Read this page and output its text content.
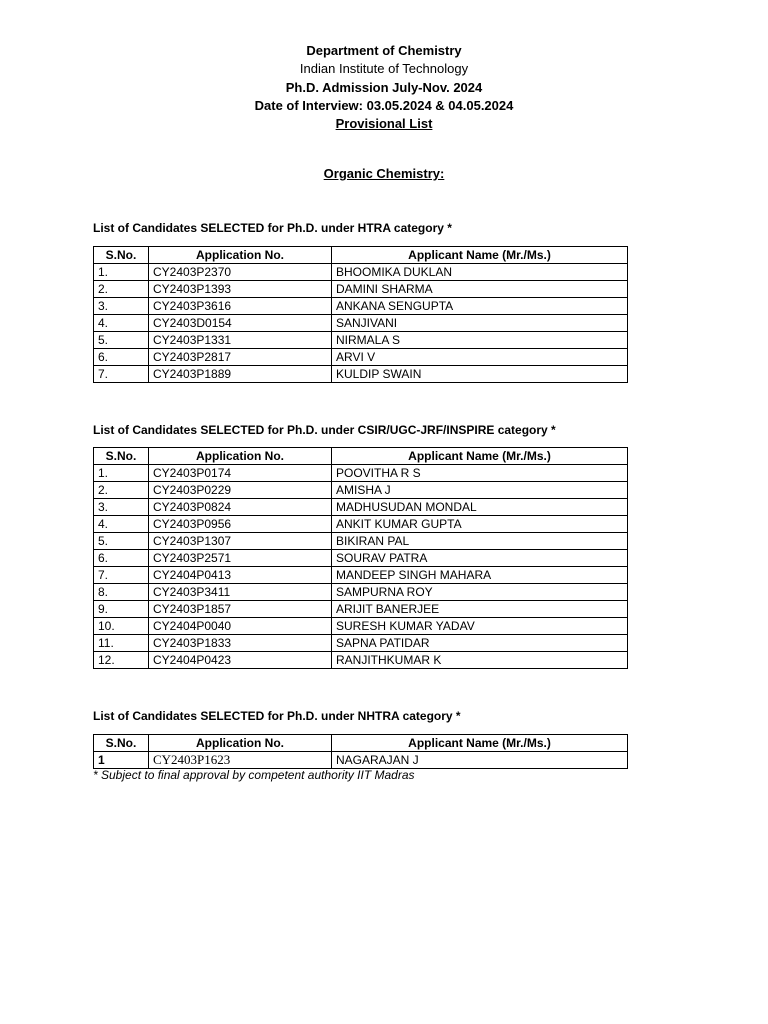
Department of Chemistry
Indian Institute of Technology
Ph.D. Admission July-Nov. 2024
Date of Interview: 03.05.2024 & 04.05.2024
Provisional List
Organic Chemistry:
List of Candidates SELECTED for Ph.D. under HTRA category *
S.No.	Application No.	Applicant Name (Mr./Ms.)
1.	CY2403P2370	BHOOMIKA DUKLAN
2.	CY2403P1393	DAMINI SHARMA
3.	CY2403P3616	ANKANA SENGUPTA
4.	CY2403D0154	SANJIVANI
5.	CY2403P1331	NIRMALA S
6.	CY2403P2817	ARVI V
7.	CY2403P1889	KULDIP SWAIN
List of Candidates SELECTED for Ph.D. under CSIR/UGC-JRF/INSPIRE category *
S.No.	Application No.	Applicant Name (Mr./Ms.)
1.	CY2403P0174	POOVITHA R S
2.	CY2403P0229	AMISHA J
3.	CY2403P0824	MADHUSUDAN MONDAL
4.	CY2403P0956	ANKIT KUMAR GUPTA
5.	CY2403P1307	BIKIRAN PAL
6.	CY2403P2571	SOURAV PATRA
7.	CY2404P0413	MANDEEP SINGH MAHARA
8.	CY2403P3411	SAMPURNA ROY
9.	CY2403P1857	ARIJIT BANERJEE
10.	CY2404P0040	SURESH KUMAR YADAV
11.	CY2403P1833	SAPNA PATIDAR
12.	CY2404P0423	RANJITHKUMAR K
List of Candidates SELECTED for Ph.D. under NHTRA category *
S.No.	Application No.	Applicant Name (Mr./Ms.)
1	CY2403P1623	NAGARAJAN J
* Subject to final approval by competent authority IIT Madras
